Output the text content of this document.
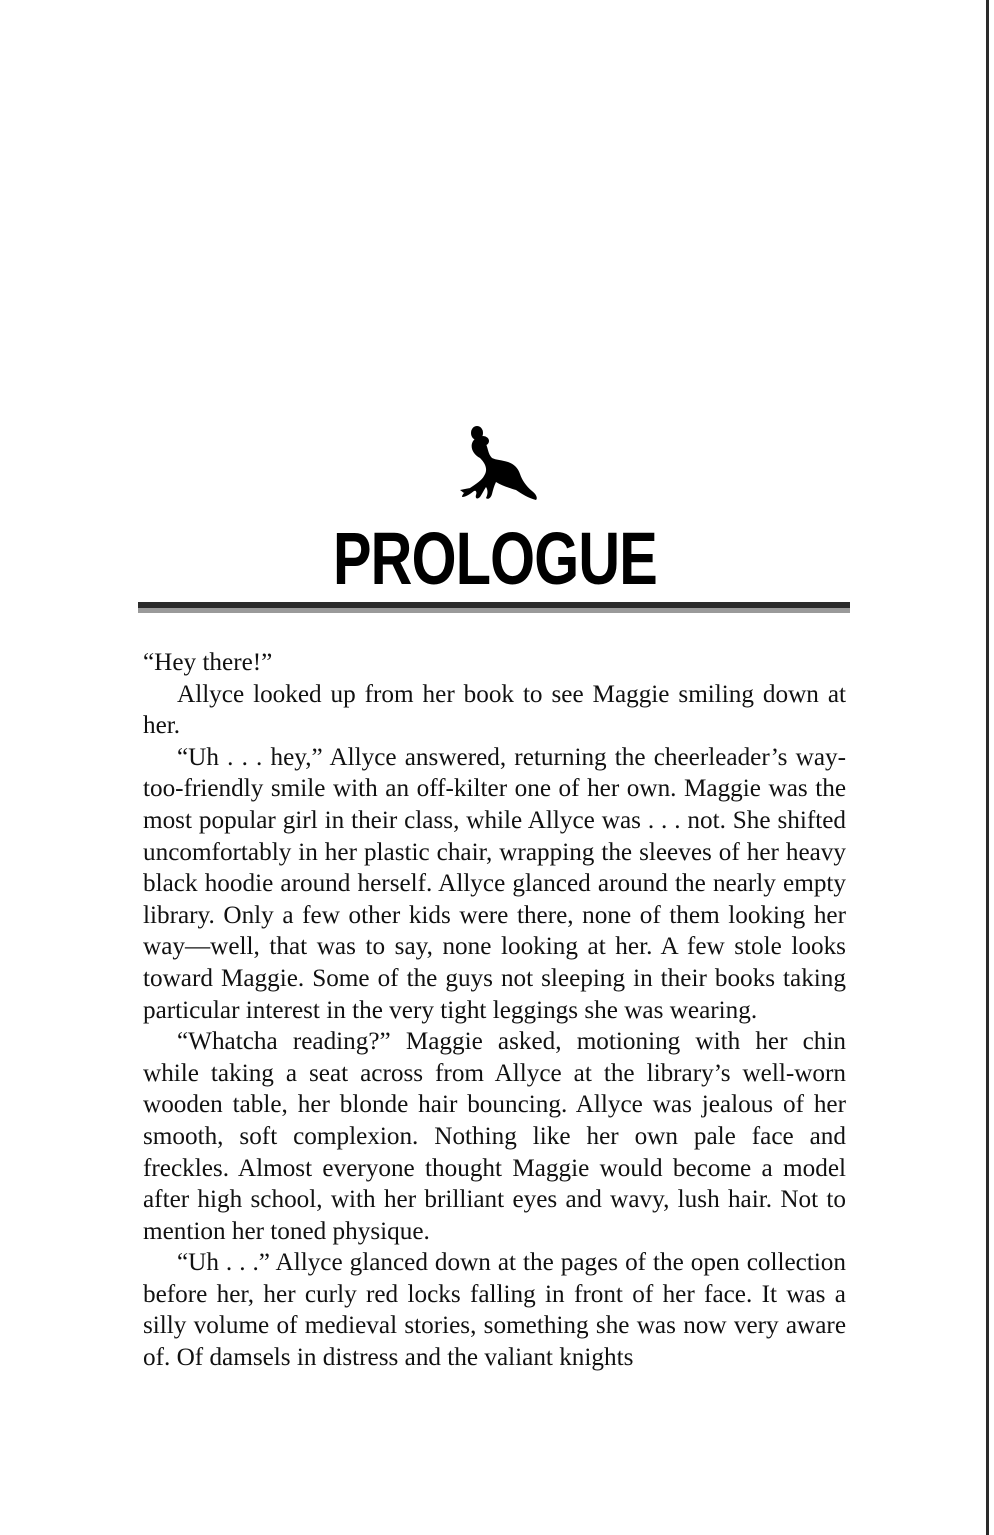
PROLOGUE

“Hey there!”

Allyce looked up from her book to see Maggie smiling down at her.

“Uh . . . hey,” Allyce answered, returning the cheerleader’s way-too-friendly smile with an off-kilter one of her own. Maggie was the most popular girl in their class, while Allyce was . . . not. She shifted uncomfortably in her plastic chair, wrapping the sleeves of her heavy black hoodie around herself. Allyce glanced around the nearly empty library. Only a few other kids were there, none of them looking her way—well, that was to say, none looking at her. A few stole looks toward Maggie. Some of the guys not sleeping in their books taking particular interest in the very tight leggings she was wearing.

“Whatcha reading?” Maggie asked, motioning with her chin while taking a seat across from Allyce at the library’s well-worn wooden table, her blonde hair bouncing. Allyce was jealous of her smooth, soft complexion. Nothing like her own pale face and freckles. Almost everyone thought Maggie would become a model after high school, with her brilliant eyes and wavy, lush hair. Not to mention her toned physique.

“Uh . . .” Allyce glanced down at the pages of the open collection before her, her curly red locks falling in front of her face. It was a silly volume of medieval stories, something she was now very aware of. Of damsels in distress and the valiant knights
